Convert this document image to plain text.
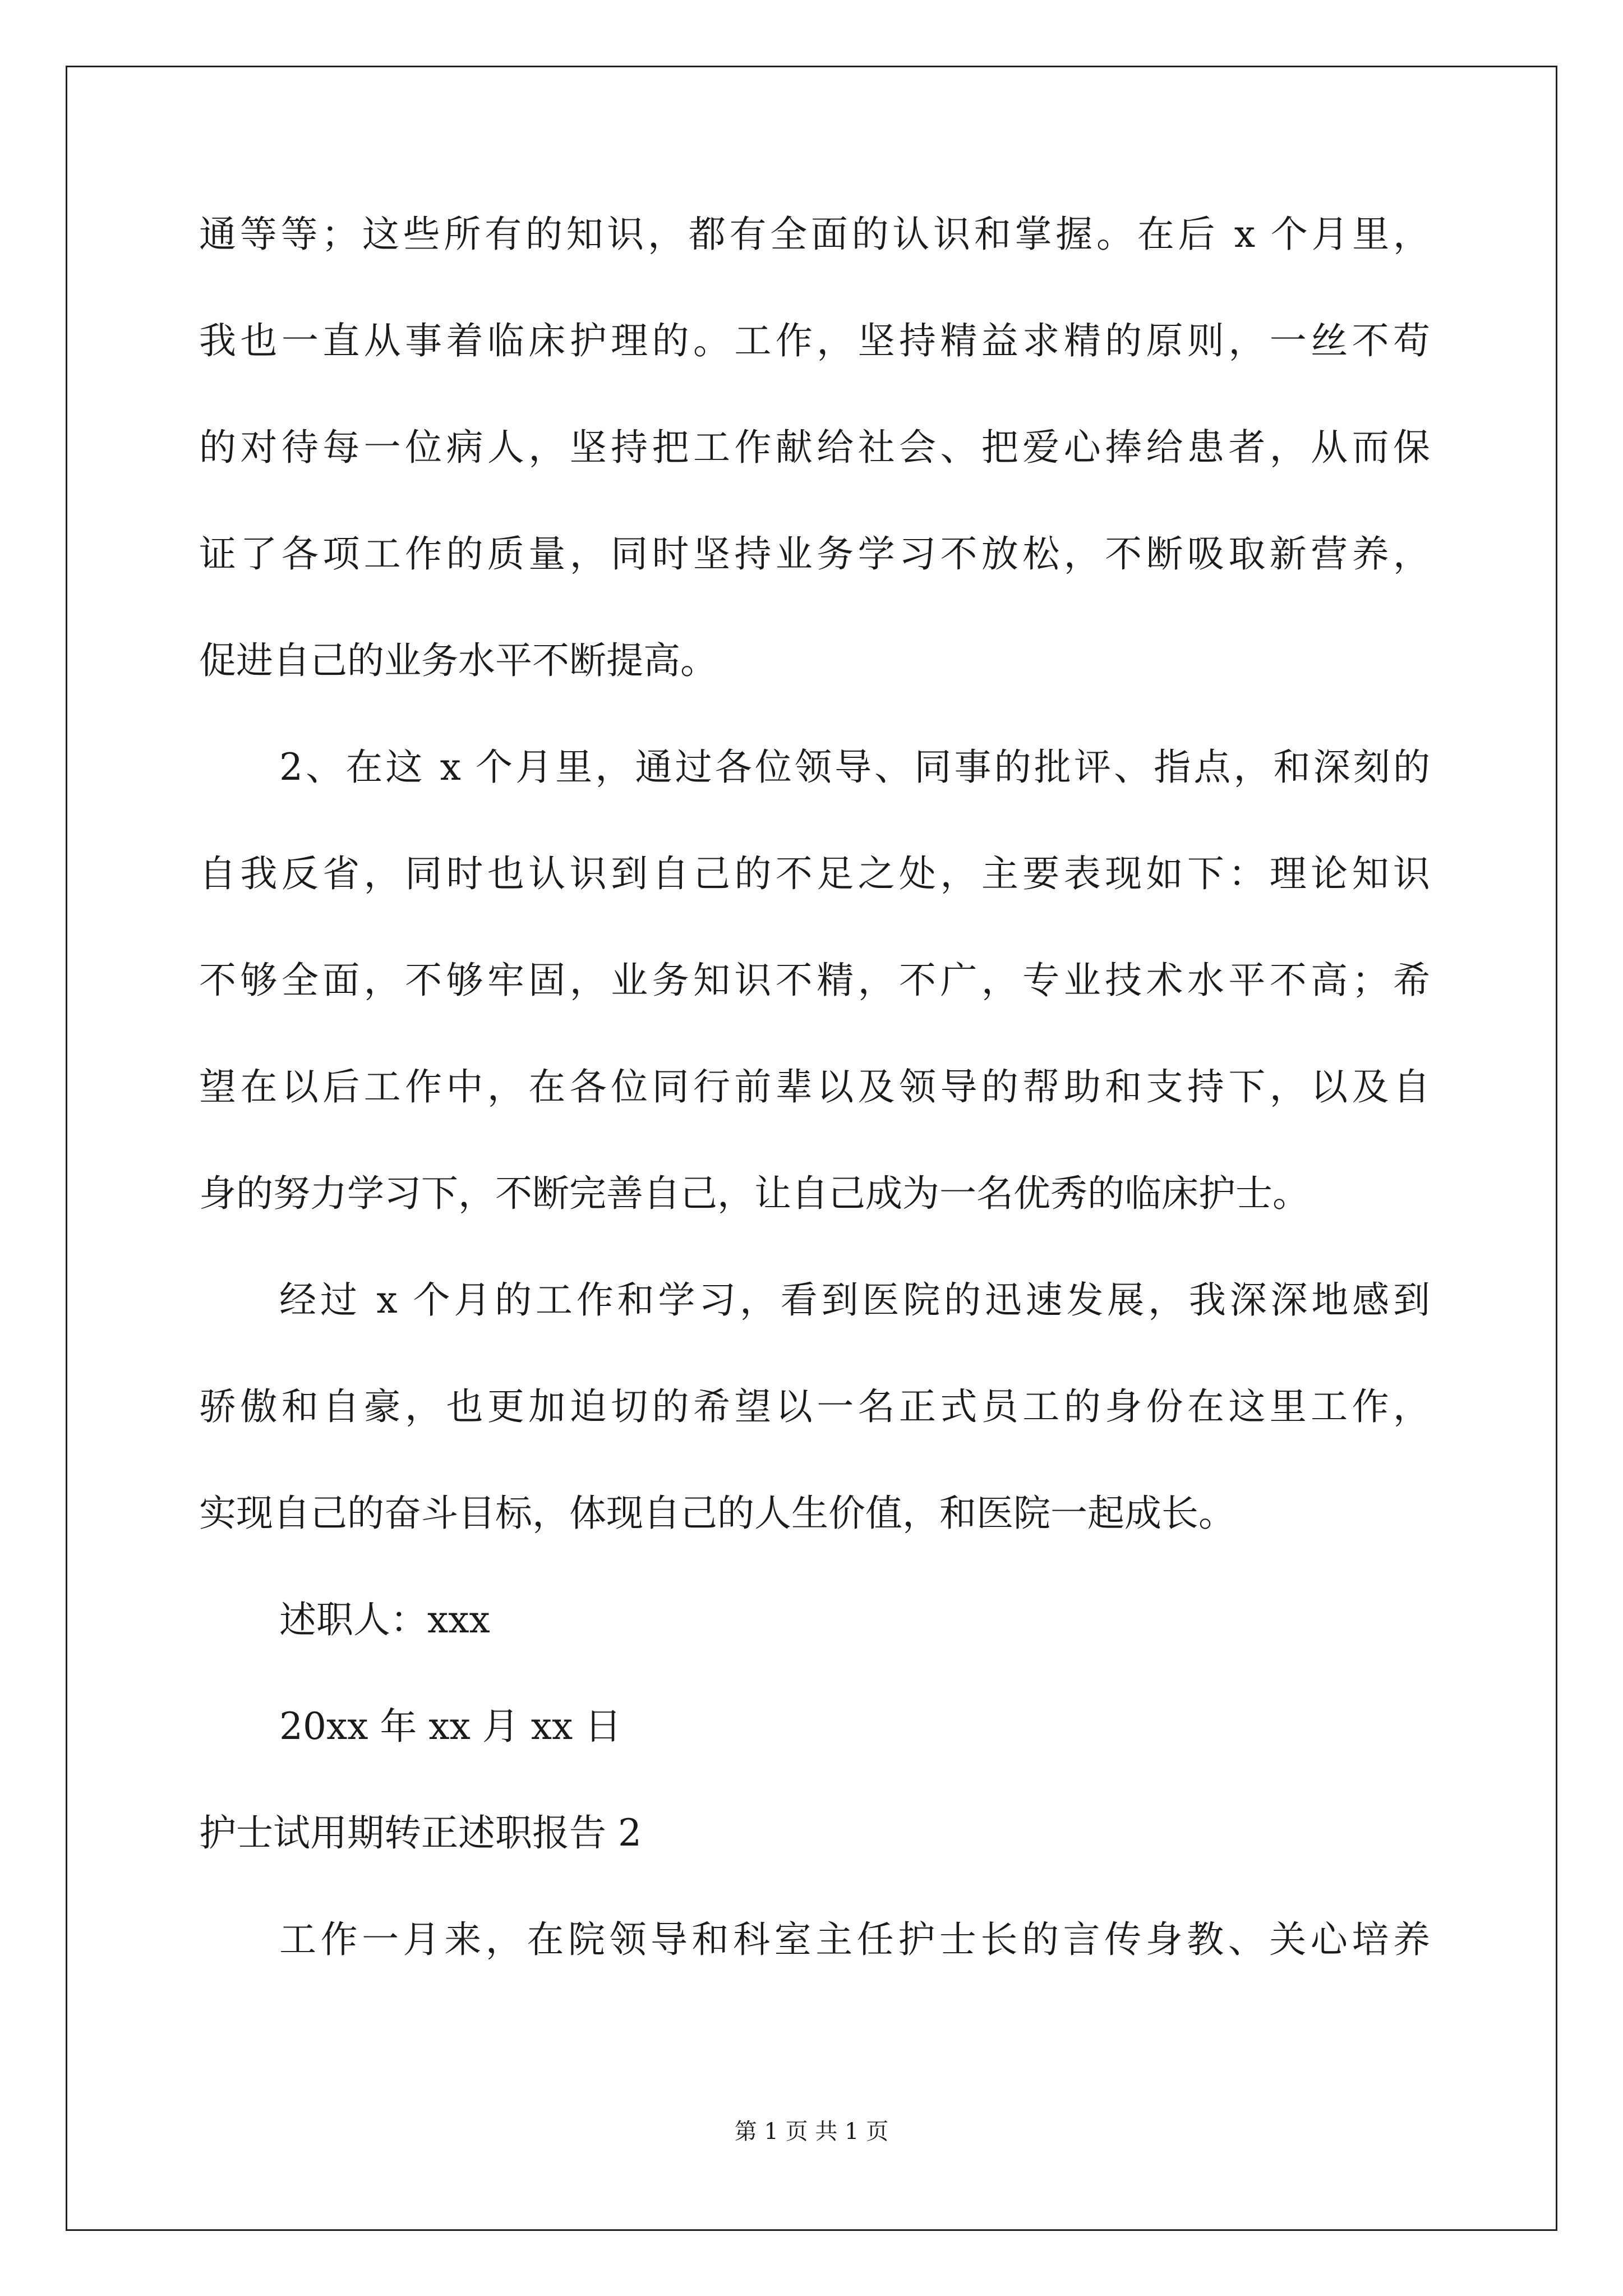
通等等；这些所有的知识，都有全面的认识和掌握。在后 x 个月里，
我也一直从事着临床护理的。工作，坚持精益求精的原则，一丝不苟
的对待每一位病人，坚持把工作献给社会、把爱心捧给患者，从而保
证了各项工作的质量，同时坚持业务学习不放松，不断吸取新营养，
促进自己的业务水平不断提高。
2、在这 x 个月里，通过各位领导、同事的批评、指点，和深刻的
自我反省，同时也认识到自己的不足之处，主要表现如下：理论知识
不够全面，不够牢固，业务知识不精，不广，专业技术水平不高；希
望在以后工作中，在各位同行前辈以及领导的帮助和支持下，以及自
身的努力学习下，不断完善自己，让自己成为一名优秀的临床护士。
经过 x 个月的工作和学习，看到医院的迅速发展，我深深地感到
骄傲和自豪，也更加迫切的希望以一名正式员工的身份在这里工作，
实现自己的奋斗目标，体现自己的人生价值，和医院一起成长。
述职人：xxx
20xx 年 xx 月 xx 日
护士试用期转正述职报告 2
工作一月来，在院领导和科室主任护士长的言传身教、关心培养
第 1 页 共 1 页
